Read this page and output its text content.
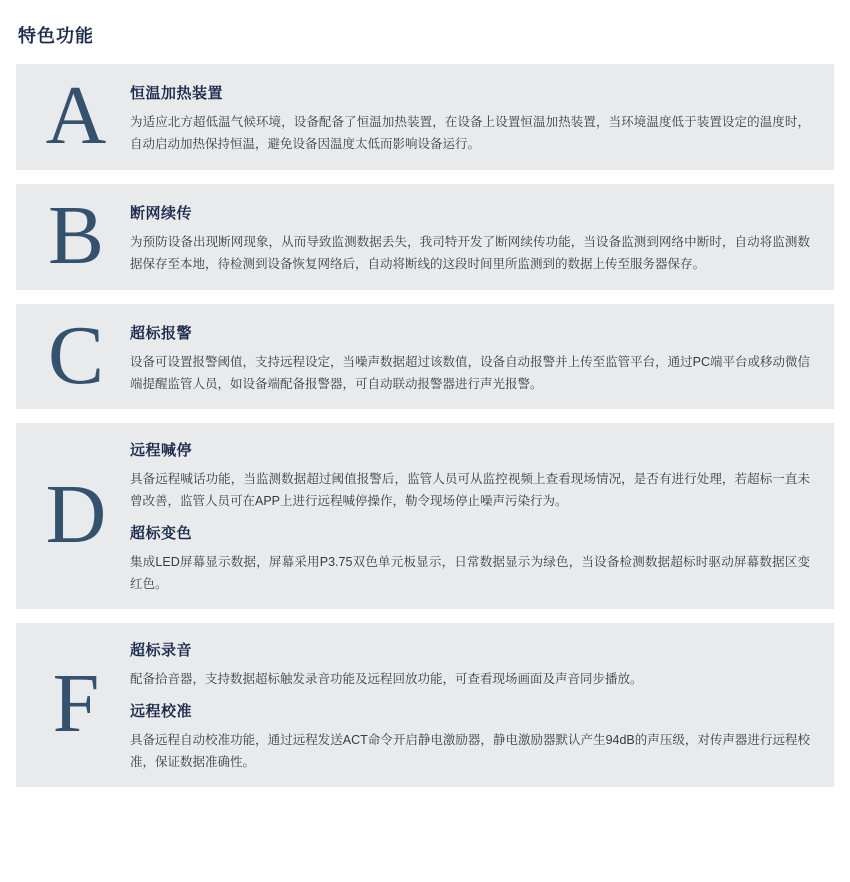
特色功能
A 恒温加热装置

为适应北方超低温气候环境，设备配备了恒温加热装置，在设备上设置恒温加热装置，当环境温度低于装置设定的温度时，自动启动加热保持恒温，避免设备因温度太低而影响设备运行。

B 断网续传

为预防设备出现断网现象，从而导致监测数据丢失，我司特开发了断网续传功能，当设备监测到网络中断时，自动将监测数据保存至本地，待检测到设备恢复网络后，自动将断线的这段时间里所监测到的数据上传至服务器保存。

C 超标报警

设备可设置报警阈值，支持远程设定，当噪声数据超过该数值，设备自动报警并上传至监管平台，通过PC端平台或移动微信端提醒监管人员，如设备端配备报警器，可自动联动报警器进行声光报警。

D
远程喊停

具备远程喊话功能，当监测数据超过阈值报警后，监管人员可从监控视频上查看现场情况，是否有进行处理，若超标一直未曾改善，监管人员可在APP上进行远程喊停操作，勒令现场停止噪声污染行为。

超标变色

集成LED屏幕显示数据，屏幕采用P3.75双色单元板显示，日常数据显示为绿色，当设备检测数据超标时驱动屏幕数据区变红色。

F
超标录音

配备拾音器，支持数据超标触发录音功能及远程回放功能，可查看现场画面及声音同步播放。

远程校准

具备远程自动校准功能，通过远程发送ACT命令开启静电激励器，静电激励器默认产生94dB的声压级，对传声器进行远程校准，保证数据准确性。
